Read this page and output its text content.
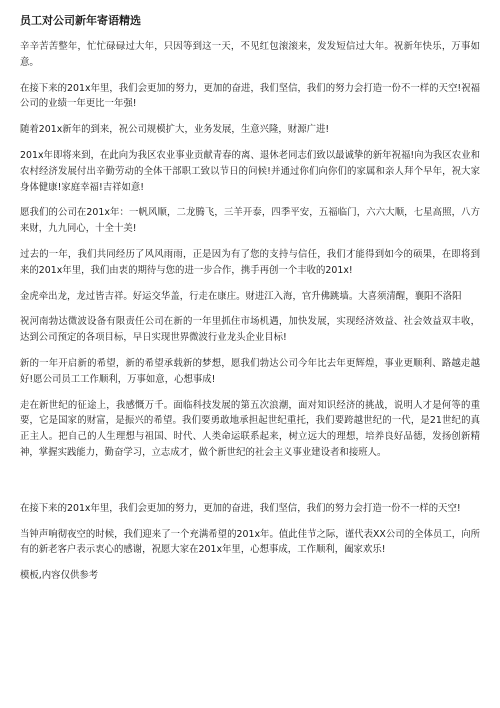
员工对公司新年寄语精选

辛辛苦苦整年，忙忙碌碌过大年，只因等到这一天，不见红包滚滚来，发发短信过大年。祝新年快乐，万事如意。

在接下来的201x年里，我们会更加的努力，更加的奋进，我们坚信，我们的努力会打造一份不一样的天空!祝福公司的业绩一年更比一年强!

随着201x新年的到来，祝公司规模扩大，业务发展，生意兴隆，财源广进!

201x年即将来到，在此向为我区农业事业贡献青春的离、退休老同志们致以最诚挚的新年祝福!向为我区农业和农村经济发展付出辛勤劳动的全体干部职工致以节日的问候!并通过你们向你们的家属和亲人拜个早年，祝大家身体健康!家庭幸福!吉祥如意!

愿我们的公司在201x年：一帆风顺，二龙腾飞，三羊开泰，四季平安，五福临门，六六大顺，七星高照，八方来财，九九同心，十全十美!

过去的一年，我们共同经历了风风雨雨，正是因为有了您的支持与信任，我们才能得到如今的硕果，在即将到来的201x年里，我们由衷的期待与您的进一步合作，携手再创一个丰收的201x!

金虎牵出龙，龙过皆吉祥。好运交华盖，行走在康庄。财进江入海，官升佛跳墙。大喜须清醒，襄阳不洛阳

祝河南勃达微波设备有限责任公司在新的一年里抓住市场机遇，加快发展，实现经济效益、社会效益双丰收，达到公司预定的各项目标，早日实现世界微波行业龙头企业目标!

新的一年开启新的希望，新的希望承载新的梦想，愿我们勃达公司今年比去年更辉煌，事业更顺利、路越走越好!愿公司员工工作顺利，万事如意，心想事成!

走在新世纪的征途上，我感慨万千。面临科技发展的第五次浪潮，面对知识经济的挑战，说明人才是何等的重要，它是国家的财富，是振兴的希望。我们要勇敢地承担起世纪重托，我们要跨越世纪的一代，是21世纪的真正主人。把自己的人生理想与祖国、时代、人类命运联系起来，树立远大的理想，培养良好品德，发扬创新精神，掌握实践能力，勤奋学习，立志成才，做个新世纪的社会主义事业建设者和接班人。

在接下来的201x年里，我们会更加的努力，更加的奋进，我们坚信，我们的努力会打造一份不一样的天空!

当钟声响彻夜空的时候，我们迎来了一个充满希望的201x年。值此佳节之际，谨代表XX公司的全体员工，向所有的新老客户表示衷心的感谢，祝愿大家在201x年里，心想事成，工作顺利，阖家欢乐!

模板,内容仅供参考
